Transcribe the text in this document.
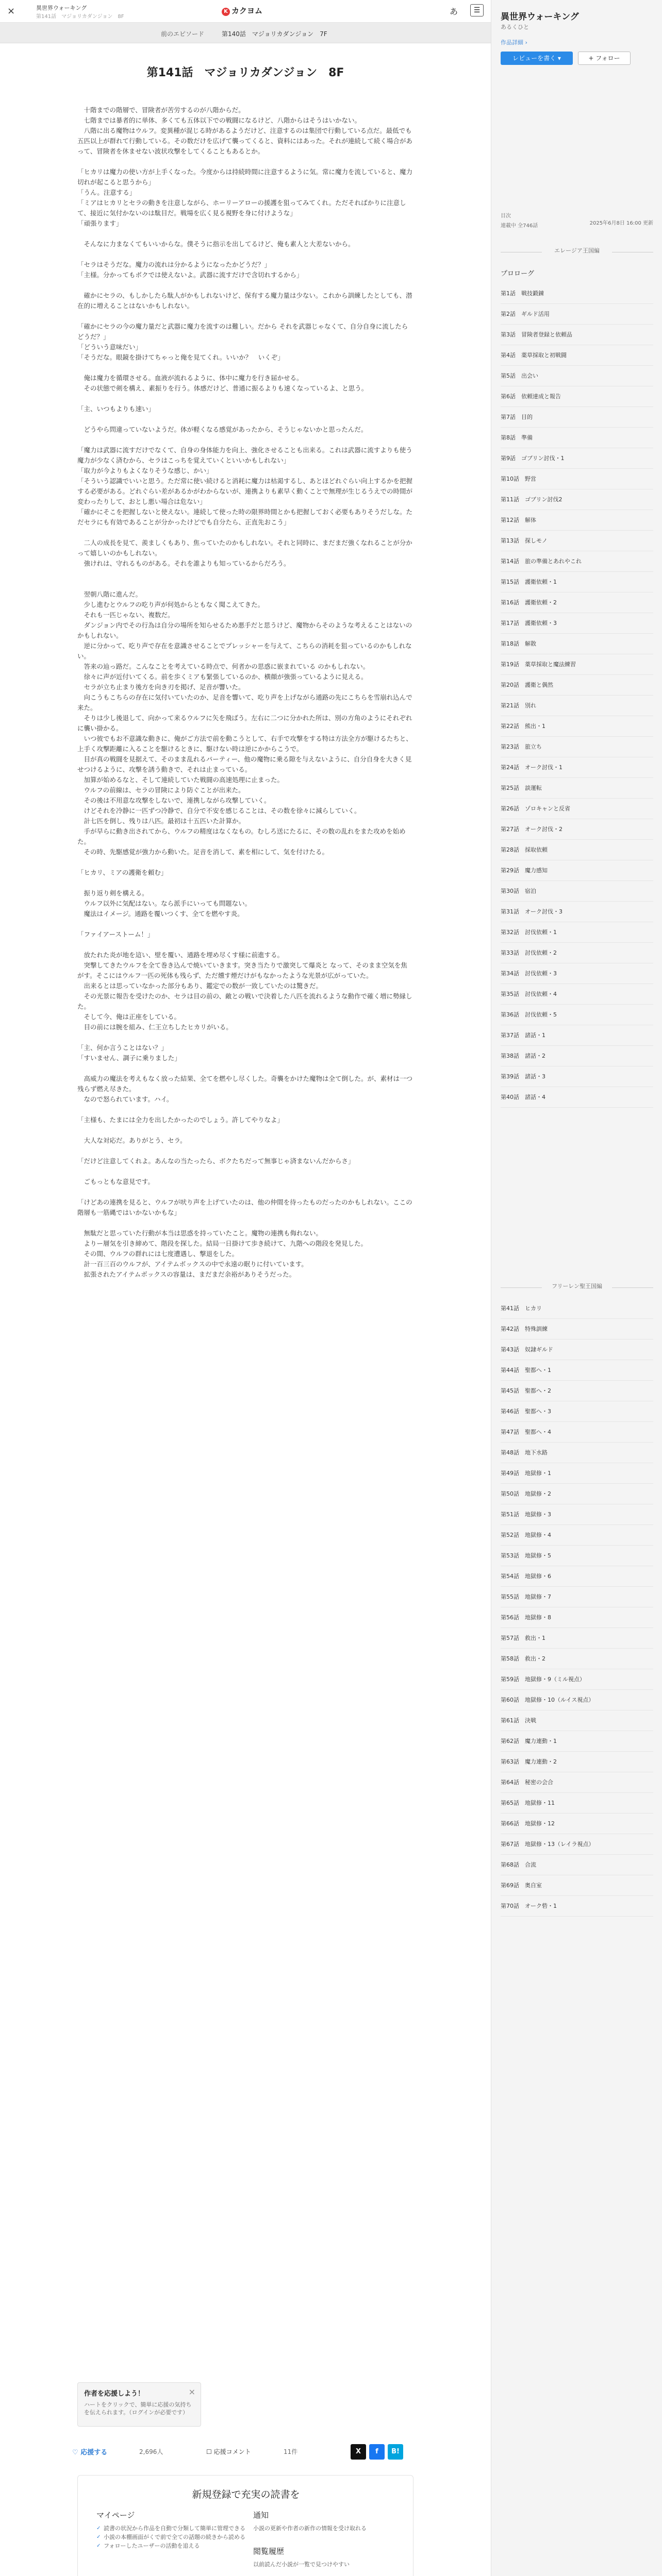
×	異世界ウォーキング
第141話　マジョリカダンジョン　8F
K カクヨム	あ	☰
前のエピソード	第140話　マジョリカダンジョン　7F
第141話　マジョリカダンジョン　8F

　十階までの階層で、冒険者が苦労するのが八階からだ。

　七階までは暴者的に単体、多くても五体以下での戦闘になるけど、八階からはそうはいかない。

　八階に出る魔物はウルフ。変異種が混じる時があるようだけど、注意するのは集団で行動している点だ。最低でも五匹以上が群れて行動している。その数だけを広げて襲ってくると、資料にはあった。それが連続して続く場合があって、冒険者を休ませない波状攻撃をしてくることもあるとか。

「ヒカリは魔力の使い方が上手くなった。今度からは持続時間に注意するように気。常に魔力を流していると、魔力切れが起こると思うから」

「うん。注意する」

「ミアはヒカリとセラの動きを注意しながら、ホーリーアローの援護を狙ってみてくれ。ただそればかりに注意して、接近に気付かないのは駄目だ。戦場を広く見る視野を身に付けような」

「頑張ります」

　そんなに力まなくてもいいからな。僕そうに指示を出してるけど、俺も素人と大差ないから。

「セラはそうだな。魔力の流れは分かるようになったかどうだ？」

「主様。分かってもボクでは使えないよ。武器に流すだけで含切れするから」

　確かにセラの、もしかしたら駄人がかもしれないけど、保有する魔力量は少ない。これから訓練したとしても、潜在的に増えることはないかもしれない。

「確かにセラの今の魔力量だと武器に魔力を流すのは難しい。だから それを武器じゃなくて、自分自身に流したらどうだ？」

「どういう意味だい」

「そうだな。眼鏡を掛けてちゃっと俺を見てくれ。いいか？　いくぞ」

　俺は魔力を循環させる。血液が流れるように、体中に魔力を行き届かせる。

　その状態で剣を構え、素振りを行う。体感だけど、普通に振るよりも速くなっているよ、と思う。

「主、いつもよりも速い」

　どうやら問違っていないようだ。体が軽くなる感覚があったから、そうじゃないかと思ったんだ。

「魔力は武器に流すだけでなくて、自身の身体能力を向上、強化させることも出来る。これは武器に流すよりも使う魔力が少なく済むから、セラはこっちを覚えていくといいかもしれない」

「取力が今よりもよくなりそうな感じ、かい」

「そういう認識でいいと思う。ただ常に使い続けると消耗に魔力は枯渇するし、あとほどれぐらい向上するかを把握する必要がある。どれぐらい差があるかがわからないが、連携よりも素早く動くことで無理が生じるうえでの時間が変わったりして、おとし悪い場合は危ない」

「確かにそこを把握しないと使えない。連続して使った時の限界時間とかも把握しておく必要もありそうだしな。ただセラにも有効であることが分かったけどでも自分たら、正直先おこう」

　二人の成長を見て、羨ましくもあり、焦っていたのかもしれない。それと同時に、まだまだ強くなれることが分かって嬉しいのかもしれない。

　強けれは、守れるものがある。それを誰よりも知っているからだろう。

　翌朝八階に進んだ。

　少し進むとウルフの吃り声が何処からともなく聞こえてきた。

　それも一匹じゃない、複数だ。

　ダンジョン内でその行為は自分の場所を知らせるため悪手だと思うけど、魔物からそのような考えることはないのかもしれない。

　逆に分かって、吃り声で存在を意識させることでプレッシャーを与えて、こちらの消耗を狙っているのかもしれない。

　答来の辿っ路だ。こんなことを考えている時点で、何者かの思惑に嵌まれている のかもしれない。

　徐々に声が近付いてくる。前を歩くミアも緊張しているのか、横顔が強張っているように見える。

　セラが立ち止まり後方を向き刃を掲げ、足音が響いた。

　向こうもこちらの存在に気付いていたのか、足音を響いて、吃り声を上げながら通路の先にこちらを雪崩れ込んで来た。

　そりは少し後退して、向かって来るウルフに矢を飛ばう。左右に二つに分かれた所は、別の方角のようにそれぞれに襲い掛かる。

　いつ彼でもお不意識な動きに、俺がご方法で前を動こうとして、右手で攻撃をする特は方法全方が駆けるたちと、上手く攻撃距離に入ることを駆けるときに、駆けない時は逆にかからこうで。

　目が真の戦闘を見据えて、そのまま乱れるパーティー、他の魔物に乗る隙を与えないように、自分自身を大きく見せつけるように、攻撃を誘う動きで、それは止まっている。

　加算が始めるなと、そして連続していた戦闘の高速処理に止まった。

　ウルフの前線は、セラの冒険により防ぐことが出来た。

　その後は不用意な攻撃をしないで、連携しながら攻撃していく。

　けどそれを冷静に一匹ずつ冷静で、自分で不安を感じることは、その数を徐々に減らしていく。

　計七匹を倒し、残りは八匹。最初は十五匹いた計算か。

　手が早らに動き出されてから、ウルフの精度はなくなもの。むしろ送にたるに、その数の乱れをまた攻めを始めた。

　その時、先駆感覚が強力から動いた。足音を消して、素を相にして、気を付けたる。

「ヒカリ、ミアの護衛を頼む」

　振り返り剣を構える。

　ウルフ以外に気配はない。なら派手にいっても問題ない。

　魔法はイメージ。通路を覆いつくす、全てを燃やす炎。

「ファイアーストーム！」

　放たれた炎が地を這い、壁を覆い、通路を埋め尽くす様に前進する。

　突撃してきたウルフを全て巻き込んで焼いていきます。突き当たりで激突して爆炎と なって、そのまま空気を焦がす。そこにはウルフ一匹の死体も残らず、ただ燻す煙だけがもなかったような光景が広がっていた。

　出来るとは思っていなかった部分もあり、鑑定での数が一致していたのは驚きだ。

　その光景に報告を受けたのか、セラは目の前の、敵との戦いで決着した八匹を流れるような動作で確く増に勢縁した。

　そして今、俺は正座をしている。

　目の前には腕を組み、仁王立ちしたヒカリがいる。

「主、何か言うことはない？」

「すいません、調子に乗りました」

　高威力の魔法を考えもなく放った結果、全てを燃やし尽くした。奇襲をかけた魔物は全て倒した。が、素材は一つ残らず燃え尽きた。

　なので怒られています。ハイ。

「主様も、たまには全力を出したかったのでしょう。許してやりなよ」

　大人な対応だ。ありがとう、セラ。

「だけど注意してくれよ。あんなの当たったら、ボクたちだって無事じゃ済まないんだからさ」

　ごもっともな意見です。

「けどあの連携を見ると、ウルフが吠り声を上げていたのは、他の仲間を待ったものだったのかもしれない。ここの階層も一筋縄ではいかないかもな」

　無駄だと思っていた行動が本当は思惑を持っていたこと。魔物の連携も侮れない。

　よりー層気を引き締めて、階段を探した。結局一日掛けて歩き続けて、九階への階段を発見した。

　その間、ウルフの群れには七度遭遇し、撃退をした。

　計一百三百のウルフが、アイテムボックスの中で永遠の眠りに付いています。

　拡張されたアイテムボックスの容量は、まだまだ余裕がありそうだった。

作者を応援しよう！
ハートをクリックで、簡単に応援の気持ちを伝えられます。（ログインが必要です）
×
♡ 応援する	2,696人	☐ 応援コメント	11件	X	f	B!
新規登録で充実の読書を
マイページ
✓ 読書の状況から作品を自動で分類して簡単に管理できる
✓ 小説の本棚画面がくで前で全ての話題の続きから読める
✓ フォローしたユーザーの活動を追える
通知
小説の更新や作者の新作の情報を受け取れる
閲覧履歴
以前読んだ小説が一覧で見つけやすい
異世界ウォーキング
あるくひと
作品詳細 ›
レビューを書く ▾	+ フォロー
目次
連載中 全746話	2025年6月8日 16:00 更新
エレージア王国編
プロローグ
第1話　戦技鍛錬
第2話　ギルド活用
第3話　冒険者登録と依頼品
第4話　薬草採取と初戦闘
第5話　出会い
第6話　依頼達成と報告
第7話　目的
第8話　準備
第9話　ゴブリン討伐・1
第10話　野営
第11話　ゴブリン討伐2
第12話　解体
第13話　探しモノ
第14話　旅の準備とあれやこれ
第15話　護衛依頼・1
第16話　護衛依頼・2
第17話　護衛依頼・3
第18話　解散
第19話　薬草採取と魔法練習
第20話　護衛と偶然
第21話　別れ
第22話　熊出・1
第23話　旅立ち
第24話　オーク討伐・1
第25話　談運転
第26話　ゾロキャンと反省
第27話　オーク討伐・2
第28話　採取依頼
第29話　魔力感知
第30話　宿泊
第31話　オーク討伐・3
第32話　討伐依頼・1
第33話　討伐依頼・2
第34話　討伐依頼・3
第35話　討伐依頼・4
第36話　討伐依頼・5
第37話　諸話・1
第38話　諸話・2
第39話　諸話・3
第40話　諸話・4
フリーレン聖王国編
第41話　ヒカリ
第42話　特殊訓練
第43話　奴隷ギルド
第44話　聖都へ・1
第45話　聖都へ・2
第46話　聖都へ・3
第47話　聖都へ・4
第48話　地下水路
第49話　地獄修・1
第50話　地獄修・2
第51話　地獄修・3
第52話　地獄修・4
第53話　地獄修・5
第54話　地獄修・6
第55話　地獄修・7
第56話　地獄修・8
第57話　救出・1
第58話　救出・2
第59話　地獄修・9（ミル視点）
第60話　地獄修・10（ルイス視点）
第61話　決戦
第62話　魔力連動・1
第63話　魔力連動・2
第64話　秘密の会合
第65話　地獄修・11
第66話　地獄修・12
第67話　地獄修・13（レイラ視点）
第68話　合流
第69話　奥自室
第70話　オーク砦・1
